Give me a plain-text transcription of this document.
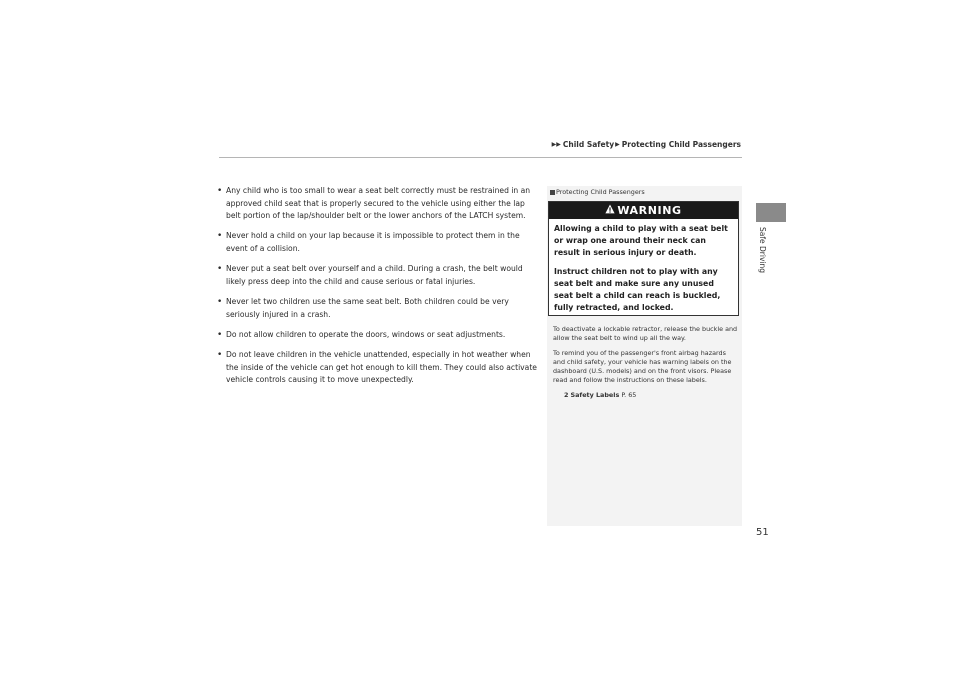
▶▶ Child Safety ▶ Protecting Child Passengers
Safe Driving
• Any child who is too small to wear a seat belt correctly must be restrained in an approved child seat that is properly secured to the vehicle using either the lap belt portion of the lap/shoulder belt or the lower anchors of the LATCH system.
• Never hold a child on your lap because it is impossible to protect them in the event of a collision.
• Never put a seat belt over yourself and a child. During a crash, the belt would likely press deep into the child and cause serious or fatal injuries.
• Never let two children use the same seat belt. Both children could be very seriously injured in a crash.
• Do not allow children to operate the doors, windows or seat adjustments.
• Do not leave children in the vehicle unattended, especially in hot weather when the inside of the vehicle can get hot enough to kill them. They could also activate vehicle controls causing it to move unexpectedly.
Protecting Child Passengers
WARNING

Allowing a child to play with a seat belt or wrap one around their neck can result in serious injury or death.

Instruct children not to play with any seat belt and make sure any unused seat belt a child can reach is buckled, fully retracted, and locked.

To deactivate a lockable retractor, release the buckle and allow the seat belt to wind up all the way.

To remind you of the passenger's front airbag hazards and child safety, your vehicle has warning labels on the dashboard (U.S. models) and on the front visors. Please read and follow the instructions on these labels.

2 Safety Labels P. 65
51
